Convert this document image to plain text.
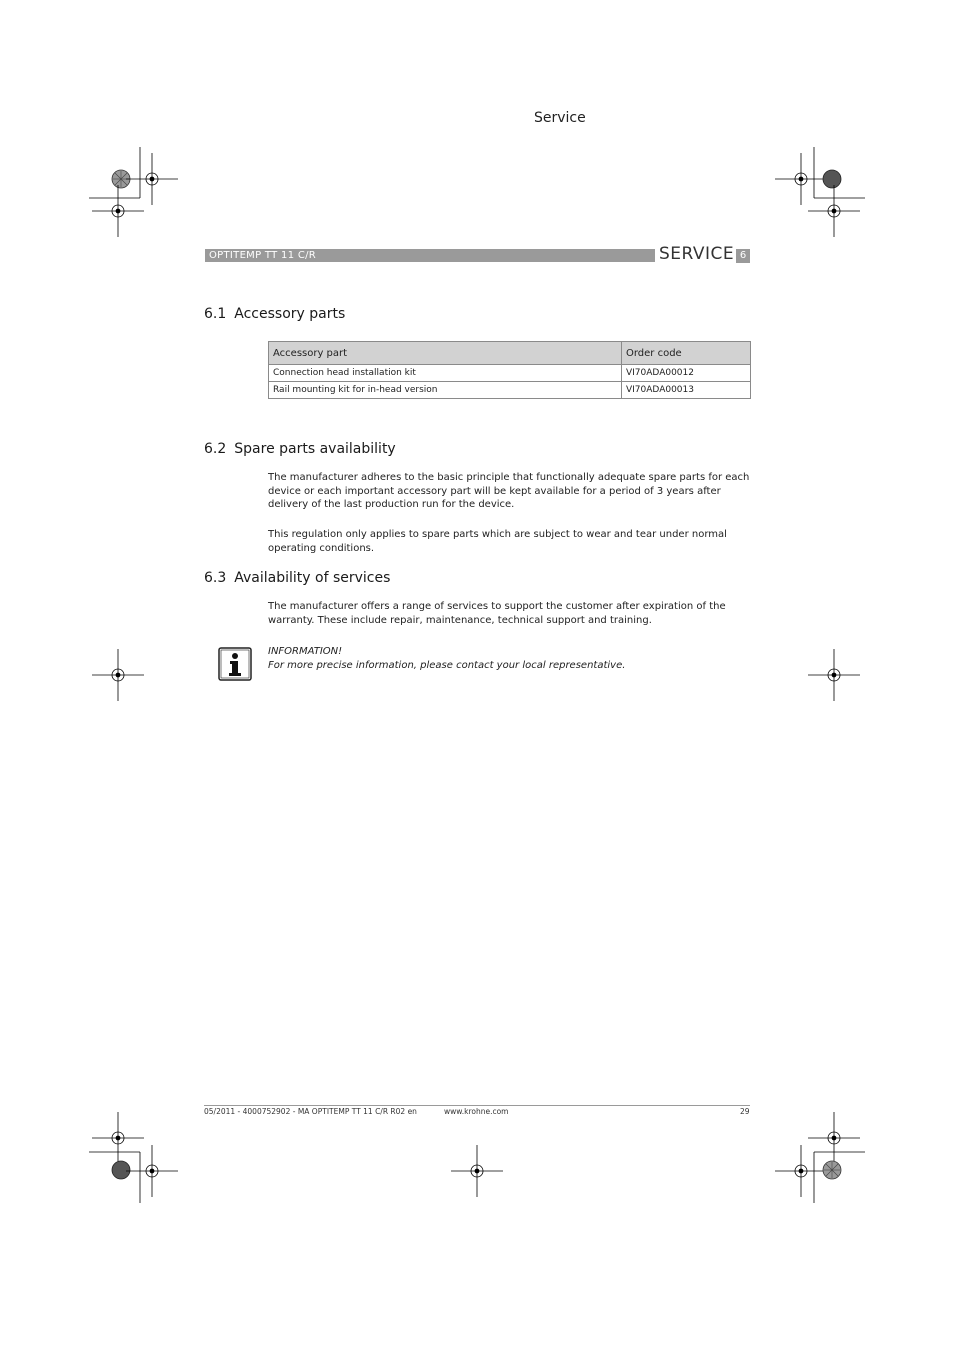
Service
OPTITEMP TT 11 C/R	SERVICE 6
6.1 Accessory parts
Accessory part	Order code
Connection head installation kit	VI70ADA00012
Rail mounting kit for in-head version	VI70ADA00013
6.2 Spare parts availability
The manufacturer adheres to the basic principle that functionally adequate spare parts for each device or each important accessory part will be kept available for a period of 3 years after delivery of the last production run for the device.
This regulation only applies to spare parts which are subject to wear and tear under normal operating conditions.
6.3 Availability of services
The manufacturer offers a range of services to support the customer after expiration of the warranty. These include repair, maintenance, technical support and training.
INFORMATION!
For more precise information, please contact your local representative.
05/2011 - 4000752902 - MA OPTITEMP TT 11 C/R R02 en	www.krohne.com	29
